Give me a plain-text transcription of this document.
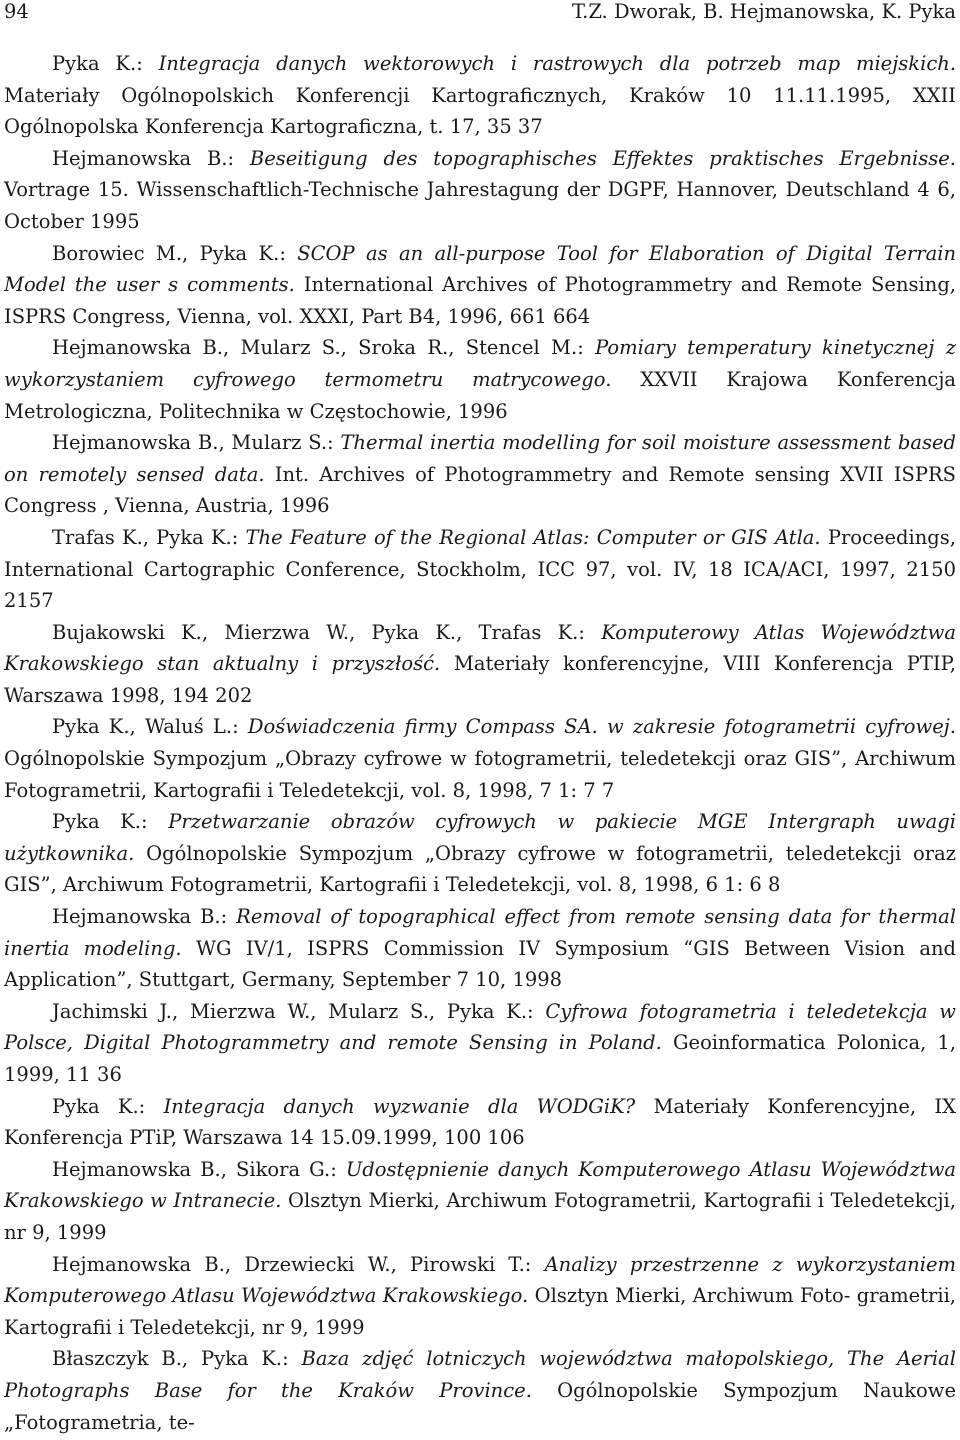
94	T.Z. Dworak, B. Hejmanowska, K. Pyka

Pyka K.: Integracja danych wektorowych i rastrowych dla potrzeb map miejskich. Materiały Ogólnopolskich Konferencji Kartograficznych, Kraków 10 11.11.1995, XXII Ogólnopolska Konferencja Kartograficzna, t. 17, 35 37

Hejmanowska B.: Beseitigung des topographisches Effektes praktisches Ergebnisse. Vortrage 15. Wissenschaftlich-Technische Jahrestagung der DGPF, Hannover, Deutschland 4 6, October 1995

Borowiec M., Pyka K.: SCOP as an all-purpose Tool for Elaboration of Digital Terrain Model the user s comments. International Archives of Photogrammetry and Remote Sensing, ISPRS Congress, Vienna, vol. XXXI, Part B4, 1996, 661 664

Hejmanowska B., Mularz S., Sroka R., Stencel M.: Pomiary temperatury kinetycznej z wykorzystaniem cyfrowego termometru matrycowego. XXVII Krajowa Konferencja Metrologiczna, Politechnika w Częstochowie, 1996

Hejmanowska B., Mularz S.: Thermal inertia modelling for soil moisture assessment based on remotely sensed data. Int. Archives of Photogrammetry and Remote sensing XVII ISPRS Congress , Vienna, Austria, 1996

Trafas K., Pyka K.: The Feature of the Regional Atlas: Computer or GIS Atla. Proceedings, International Cartographic Conference, Stockholm, ICC 97, vol. IV, 18 ICA/ACI, 1997, 2150 2157

Bujakowski K., Mierzwa W., Pyka K., Trafas K.: Komputerowy Atlas Województwa Krakowskiego stan aktualny i przyszłość. Materiały konferencyjne, VIII Konferencja PTIP, Warszawa 1998, 194 202

Pyka K., Waluś L.: Doświadczenia firmy Compass SA. w zakresie fotogrametrii cyfrowej. Ogólnopolskie Sympozjum „Obrazy cyfrowe w fotogrametrii, teledetekcji oraz GIS”, Archiwum Fotogrametrii, Kartografii i Teledetekcji, vol. 8, 1998, 7 1: 7 7

Pyka K.: Przetwarzanie obrazów cyfrowych w pakiecie MGE Intergraph uwagi użytkownika. Ogólnopolskie Sympozjum „Obrazy cyfrowe w fotogrametrii, teledetekcji oraz GIS”, Archiwum Fotogrametrii, Kartografii i Teledetekcji, vol. 8, 1998, 6 1: 6 8

Hejmanowska B.: Removal of topographical effect from remote sensing data for thermal inertia modeling. WG IV/1, ISPRS Commission IV Symposium “GIS Between Vision and Application”, Stuttgart, Germany, September 7 10, 1998

Jachimski J., Mierzwa W., Mularz S., Pyka K.: Cyfrowa fotogrametria i teledetekcja w Polsce, Digital Photogrammetry and remote Sensing in Poland. Geoinformatica Polonica, 1, 1999, 11 36

Pyka K.: Integracja danych wyzwanie dla WODGiK? Materiały Konferencyjne, IX Konferencja PTiP, Warszawa 14 15.09.1999, 100 106

Hejmanowska B., Sikora G.: Udostępnienie danych Komputerowego Atlasu Województwa Krakowskiego w Intranecie. Olsztyn Mierki, Archiwum Fotogrametrii, Kartografii i Teledetekcji, nr 9, 1999

Hejmanowska B., Drzewiecki W., Pirowski T.: Analizy przestrzenne z wykorzystaniem Komputerowego Atlasu Województwa Krakowskiego. Olsztyn Mierki, Archiwum Foto- grametrii, Kartografii i Teledetekcji, nr 9, 1999

Błaszczyk B., Pyka K.: Baza zdjęć lotniczych województwa małopolskiego, The Aerial Photographs Base for the Kraków Province. Ogólnopolskie Sympozjum Naukowe „Fotogrametria, te-
